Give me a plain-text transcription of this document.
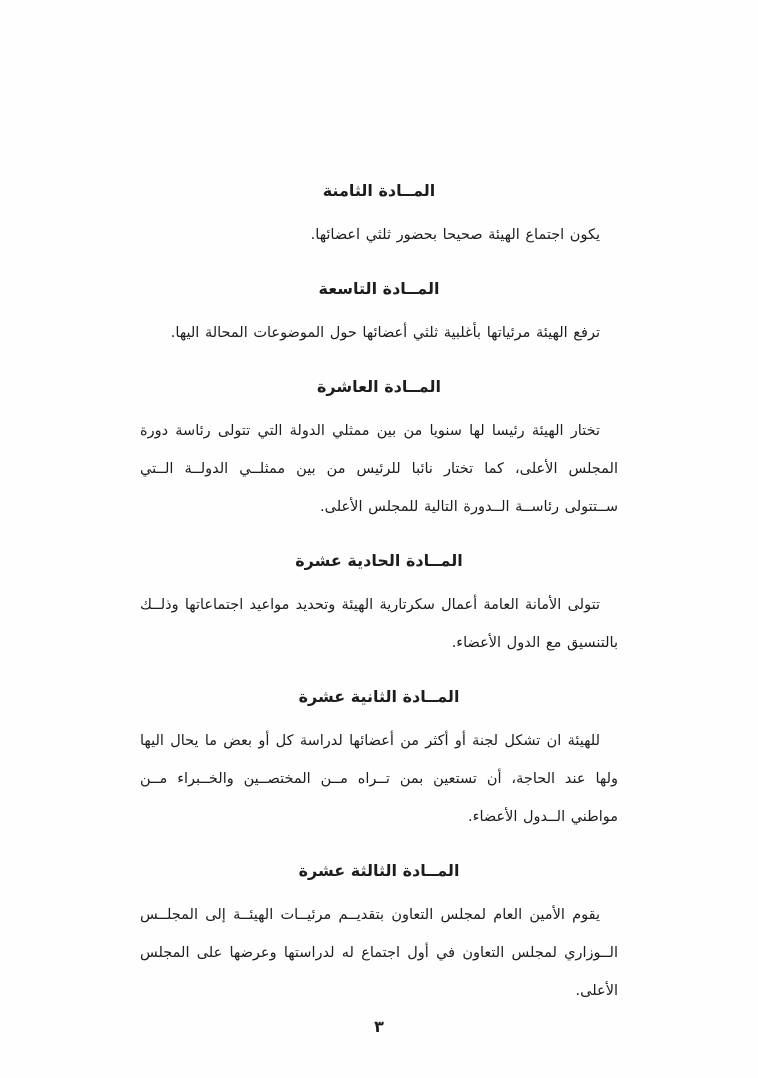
المــادة الثامنة

يكون اجتماع الهيئة صحيحا بحضور ثلثي اعضائها.

المــادة التاسعة

ترفع الهيئة مرئياتها بأغلبية ثلثي أعضائها حول الموضوعات المحالة اليها.

المــادة العاشرة

تختار الهيئة رئيسا لها سنويا من بين ممثلي الدولة التي تتولى رئاسة دورة المجلس الأعلى، كما تختار نائبا للرئيس من بين ممثلــي الدولــة الــتي ســتتولى رئاســة الــدورة التالية للمجلس الأعلى.

المــادة الحادية عشرة

تتولى الأمانة العامة أعمال سكرتارية الهيئة وتحديد مواعيد اجتماعاتها وذلــك بالتنسيق مع الدول الأعضاء.

المــادة الثانية عشرة

للهيئة ان تشكل لجنة أو أكثر من أعضائها لدراسة كل أو بعض ما يحال اليها ولها عند الحاجة، أن تستعين بمن تــراه مــن المختصــين والخــبراء مــن مواطني الــدول الأعضاء.

المــادة الثالثة عشرة

يقوم الأمين العام لمجلس التعاون بتقديــم مرئيــات الهيئــة إلى المجلــس الــوزاري لمجلس التعاون في أول اجتماع له لدراستها وعرضها على المجلس الأعلى.

٣
